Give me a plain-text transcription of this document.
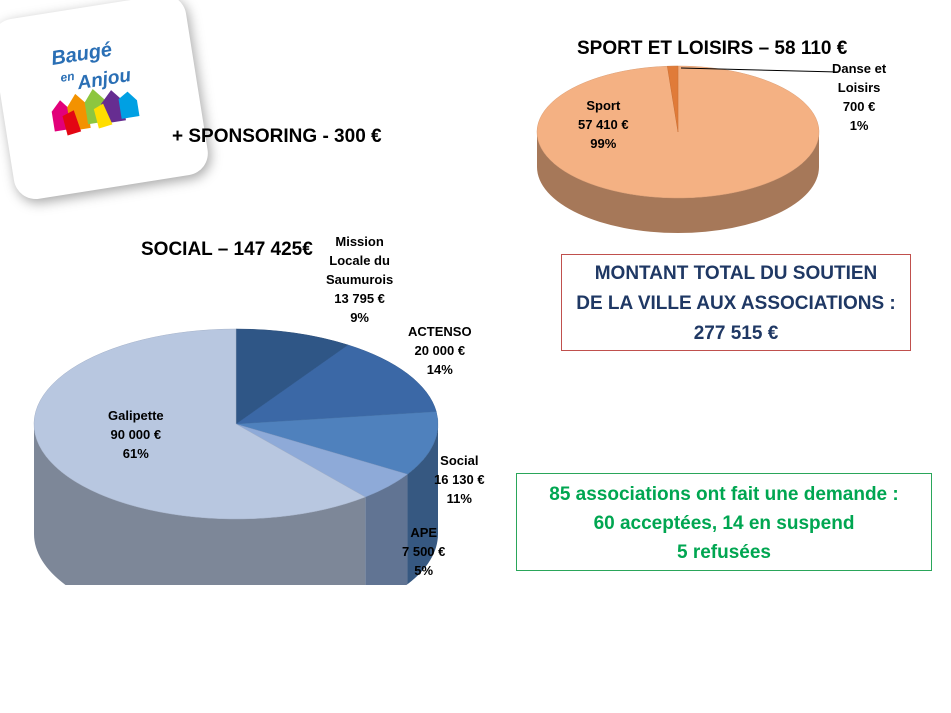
Baugé
en Anjou
+ SPONSORING - 300 €
SPORT ET LOISIRS – 58 110 €
SOCIAL – 147 425€
Sport
57 410 €
99%
Danse et
Loisirs
700 €
1%
Mission
Locale du
Saumurois
13 795 €
9%
ACTENSO
20 000 €
14%
Social
16 130 €
11%
APE
7 500 €
5%
Galipette
90 000 €
61%
MONTANT TOTAL DU SOUTIEN
DE LA VILLE AUX ASSOCIATIONS :
277 515 €
85 associations ont fait une demande :
60 acceptées, 14 en suspend
5 refusées
